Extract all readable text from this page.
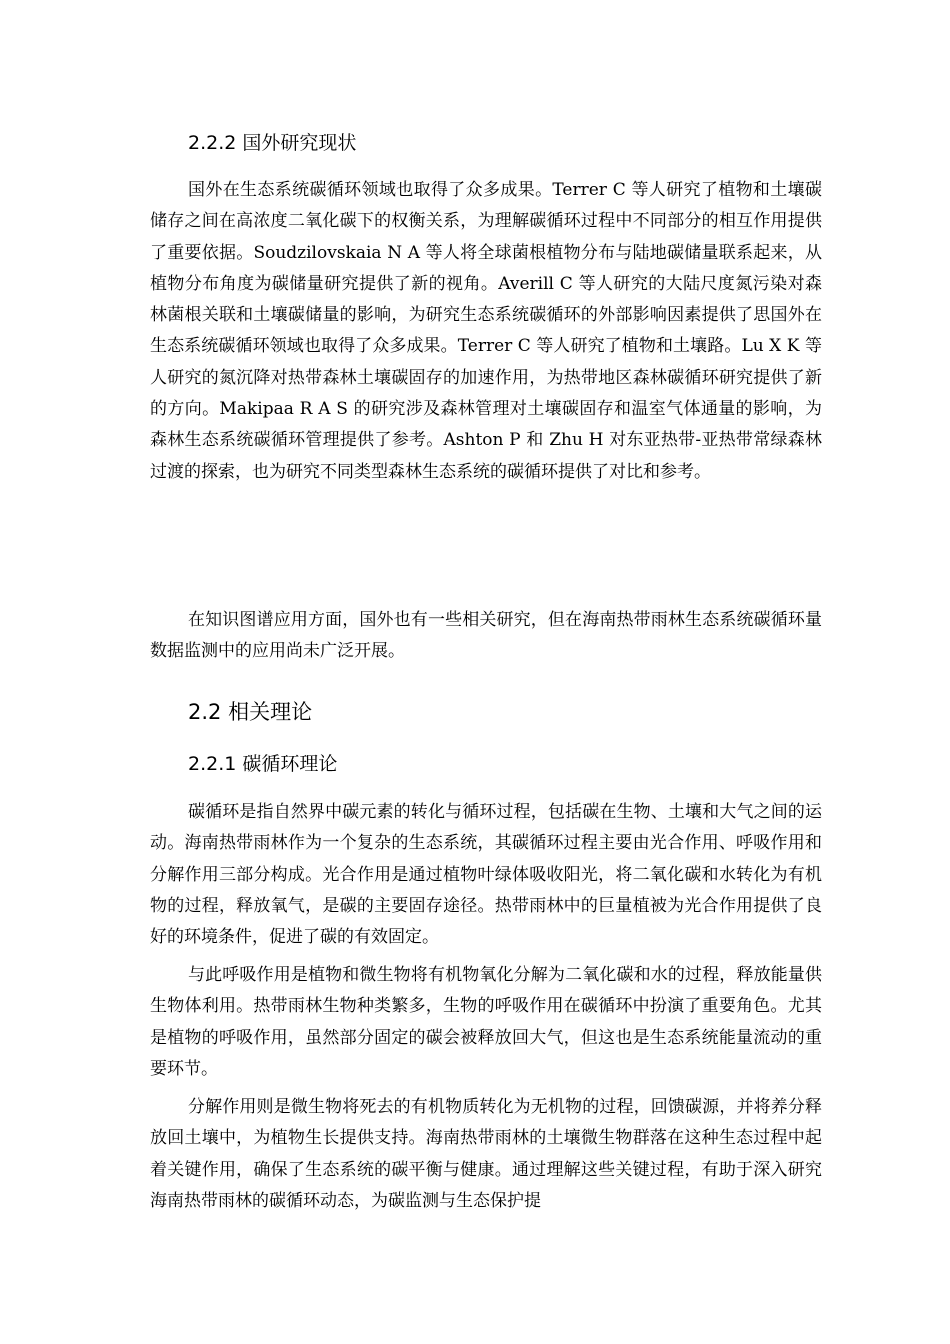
2.2.2 国外研究现状

国外在生态系统碳循环领域也取得了众多成果。Terrer C 等人研究了植物和土壤碳储存之间在高浓度二氧化碳下的权衡关系，为理解碳循环过程中不同部分的相互作用提供了重要依据。Soudzilovskaia N A 等人将全球菌根植物分布与陆地碳储量联系起来，从植物分布角度为碳储量研究提供了新的视角。Averill C 等人研究的大陆尺度氮污染对森林菌根关联和土壤碳储量的影响，为研究生态系统碳循环的外部影响因素提供了思国外在生态系统碳循环领域也取得了众多成果。Terrer C 等人研究了植物和土壤路。Lu X K 等人研究的氮沉降对热带森林土壤碳固存的加速作用，为热带地区森林碳循环研究提供了新的方向。Makipaa R A S 的研究涉及森林管理对土壤碳固存和温室气体通量的影响，为森林生态系统碳循环管理提供了参考。Ashton P 和 Zhu H 对东亚热带-亚热带常绿森林过渡的探索，也为研究不同类型森林生态系统的碳循环提供了对比和参考。

在知识图谱应用方面，国外也有一些相关研究，但在海南热带雨林生态系统碳循环量数据监测中的应用尚未广泛开展。

2.2 相关理论
2.2.1 碳循环理论

碳循环是指自然界中碳元素的转化与循环过程，包括碳在生物、土壤和大气之间的运动。海南热带雨林作为一个复杂的生态系统，其碳循环过程主要由光合作用、呼吸作用和分解作用三部分构成。光合作用是通过植物叶绿体吸收阳光，将二氧化碳和水转化为有机物的过程，释放氧气，是碳的主要固存途径。热带雨林中的巨量植被为光合作用提供了良好的环境条件，促进了碳的有效固定。

与此呼吸作用是植物和微生物将有机物氧化分解为二氧化碳和水的过程，释放能量供生物体利用。热带雨林生物种类繁多，生物的呼吸作用在碳循环中扮演了重要角色。尤其是植物的呼吸作用，虽然部分固定的碳会被释放回大气，但这也是生态系统能量流动的重要环节。

分解作用则是微生物将死去的有机物质转化为无机物的过程，回馈碳源，并将养分释放回土壤中，为植物生长提供支持。海南热带雨林的土壤微生物群落在这种生态过程中起着关键作用，确保了生态系统的碳平衡与健康。通过理解这些关键过程，有助于深入研究海南热带雨林的碳循环动态，为碳监测与生态保护提
